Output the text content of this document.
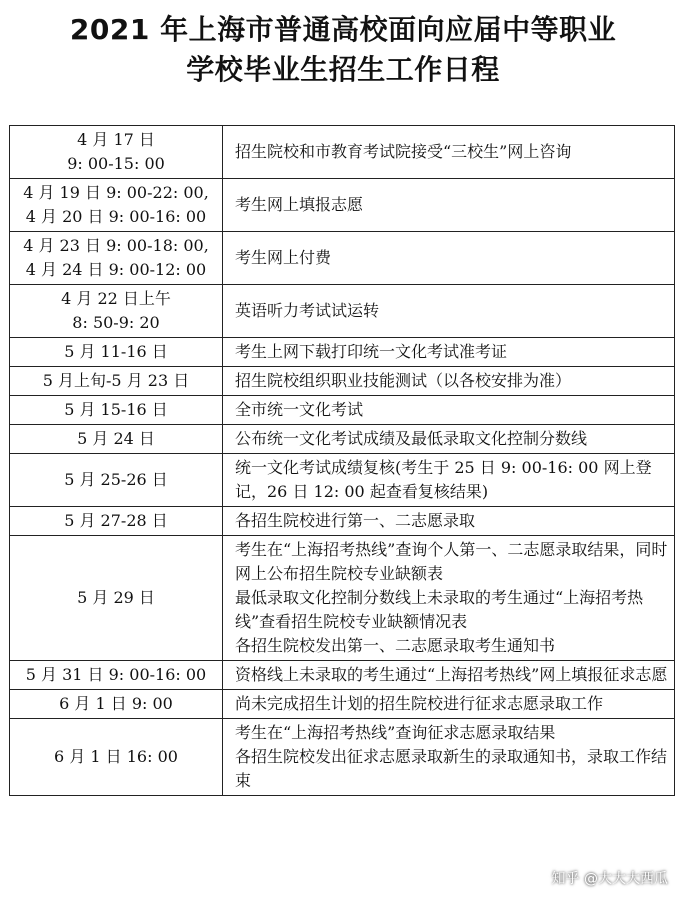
2021 年上海市普通高校面向应届中等职业
学校毕业生招生工作日程
4 月 17 日
9: 00-15: 00	招生院校和市教育考试院接受“三校生”网上咨询

4 月 19 日 9: 00-22: 00,
4 月 20 日 9: 00-16: 00	考生网上填报志愿

4 月 23 日 9: 00-18: 00,
4 月 24 日 9: 00-12: 00	考生网上付费

4 月 22 日上午
8: 50-9: 20	英语听力考试试运转

5 月 11-16 日	考生上网下载打印统一文化考试准考证

5 月上旬-5 月 23 日	招生院校组织职业技能测试（以各校安排为准）

5 月 15-16 日	全市统一文化考试

5 月 24 日	公布统一文化考试成绩及最低录取文化控制分数线

5 月 25-26 日	统一文化考试成绩复核(考生于 25 日 9: 00-16: 00 网上登记，26 日 12: 00 起查看复核结果)

5 月 27-28 日	各招生院校进行第一、二志愿录取

5 月 29 日	考生在“上海招考热线”查询个人第一、二志愿录取结果，同时网上公布招生院校专业缺额表
最低录取文化控制分数线上未录取的考生通过“上海招考热线”查看招生院校专业缺额情况表
各招生院校发出第一、二志愿录取考生通知书

5 月 31 日 9: 00-16: 00	资格线上未录取的考生通过“上海招考热线”网上填报征求志愿

6 月 1 日 9: 00	尚未完成招生计划的招生院校进行征求志愿录取工作

6 月 1 日 16: 00	考生在“上海招考热线”查询征求志愿录取结果
各招生院校发出征求志愿录取新生的录取通知书，录取工作结束
知乎 @大大大西瓜
